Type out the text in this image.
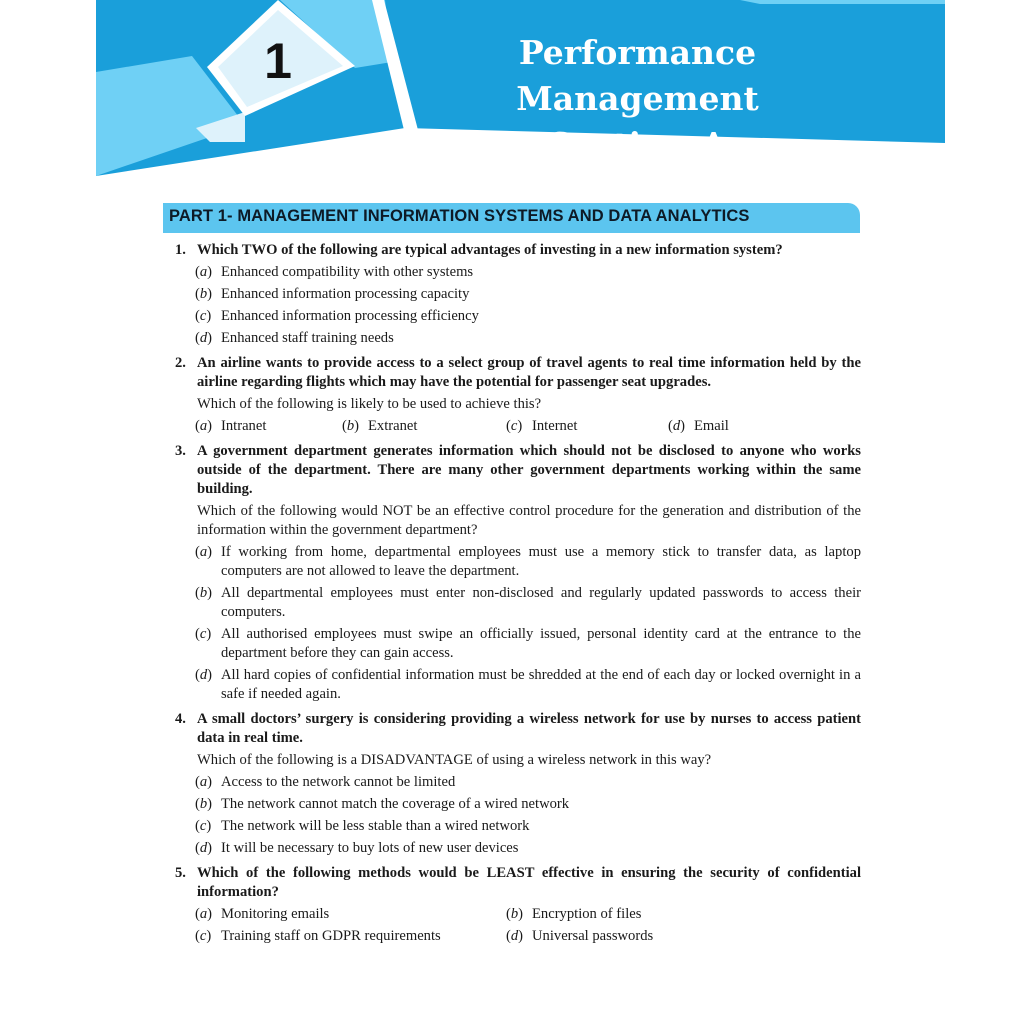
1	Performance Management
Section-A
PART 1- MANAGEMENT INFORMATION SYSTEMS AND DATA ANALYTICS
1. Which TWO of the following are typical advantages of investing in a new information system?
(a) Enhanced compatibility with other systems
(b) Enhanced information processing capacity
(c) Enhanced information processing efficiency
(d) Enhanced staff training needs
2. An airline wants to provide access to a select group of travel agents to real time information held by the airline regarding flights which may have the potential for passenger seat upgrades.
Which of the following is likely to be used to achieve this?
(a) Intranet	(b) Extranet	(c) Internet	(d) Email
3. A government department generates information which should not be disclosed to anyone who works outside of the department. There are many other government departments working within the same building.
Which of the following would NOT be an effective control procedure for the generation and distribution of the information within the government department?
(a) If working from home, departmental employees must use a memory stick to transfer data, as laptop computers are not allowed to leave the department.
(b) All departmental employees must enter non-disclosed and regularly updated passwords to access their computers.
(c) All authorised employees must swipe an officially issued, personal identity card at the entrance to the department before they can gain access.
(d) All hard copies of confidential information must be shredded at the end of each day or locked overnight in a safe if needed again.
4. A small doctors’ surgery is considering providing a wireless network for use by nurses to access patient data in real time.
Which of the following is a DISADVANTAGE of using a wireless network in this way?
(a) Access to the network cannot be limited
(b) The network cannot match the coverage of a wired network
(c) The network will be less stable than a wired network
(d) It will be necessary to buy lots of new user devices
5. Which of the following methods would be LEAST effective in ensuring the security of confidential information?
(a) Monitoring emails	(b) Encryption of files
(c) Training staff on GDPR requirements	(d) Universal passwords
